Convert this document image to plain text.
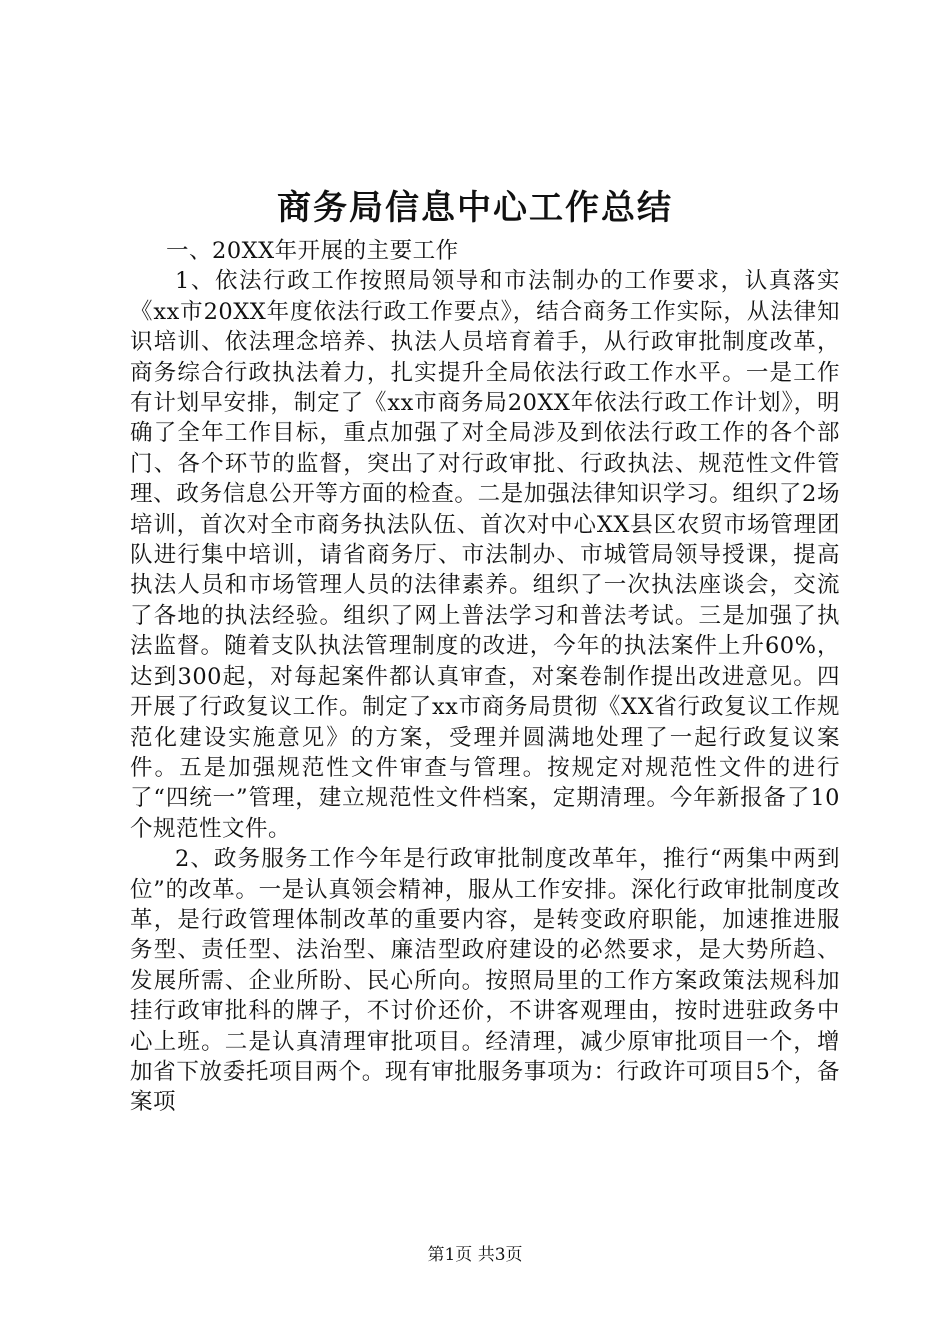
商务局信息中心工作总结

一、20XX年开展的主要工作

1、依法行政工作按照局领导和市法制办的工作要求，认真落实《xx市20XX年度依法行政工作要点》，结合商务工作实际，从法律知识培训、依法理念培养、执法人员培育着手，从行政审批制度改革，商务综合行政执法着力，扎实提升全局依法行政工作水平。一是工作有计划早安排，制定了《xx市商务局20XX年依法行政工作计划》，明确了全年工作目标，重点加强了对全局涉及到依法行政工作的各个部门、各个环节的监督，突出了对行政审批、行政执法、规范性文件管理、政务信息公开等方面的检查。二是加强法律知识学习。组织了2场培训，首次对全市商务执法队伍、首次对中心XX县区农贸市场管理团队进行集中培训，请省商务厅、市法制办、市城管局领导授课，提高执法人员和市场管理人员的法律素养。组织了一次执法座谈会，交流了各地的执法经验。组织了网上普法学习和普法考试。三是加强了执法监督。随着支队执法管理制度的改进，今年的执法案件上升60%，达到300起，对每起案件都认真审查，对案卷制作提出改进意见。四开展了行政复议工作。制定了xx市商务局贯彻《XX省行政复议工作规范化建设实施意见》的方案，受理并圆满地处理了一起行政复议案件。五是加强规范性文件审查与管理。按规定对规范性文件的进行了“四统一”管理，建立规范性文件档案，定期清理。今年新报备了10个规范性文件。

2、政务服务工作今年是行政审批制度改革年，推行“两集中两到位”的改革。一是认真领会精神，服从工作安排。深化行政审批制度改革，是行政管理体制改革的重要内容，是转变政府职能，加速推进服务型、责任型、法治型、廉洁型政府建设的必然要求，是大势所趋、发展所需、企业所盼、民心所向。按照局里的工作方案政策法规科加挂行政审批科的牌子，不讨价还价，不讲客观理由，按时进驻政务中心上班。二是认真清理审批项目。经清理，减少原审批项目一个，增加省下放委托项目两个。现有审批服务事项为：行政许可项目5个，备案项

第1页 共3页
